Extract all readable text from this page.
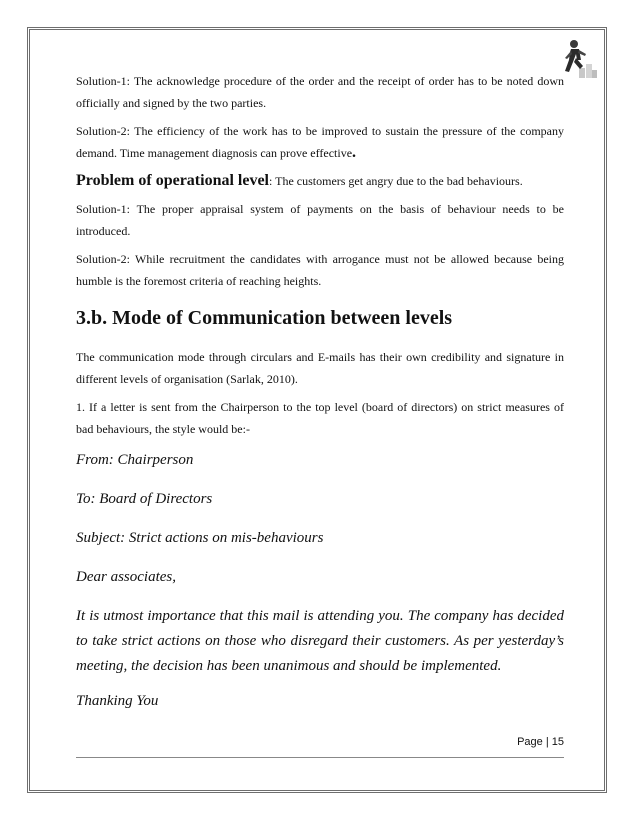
Solution-1: The acknowledge procedure of the order and the receipt of order has to be noted down officially and signed by the two parties.

Solution-2: The efficiency of the work has to be improved to sustain the pressure of the company demand. Time management diagnosis can prove effective.

Problem of operational level: The customers get angry due to the bad behaviours.

Solution-1: The proper appraisal system of payments on the basis of behaviour needs to be introduced.

Solution-2: While recruitment the candidates with arrogance must not be allowed because being humble is the foremost criteria of reaching heights.

3.b. Mode of Communication between levels

The communication mode through circulars and E-mails has their own credibility and signature in different levels of organisation (Sarlak, 2010).

1. If a letter is sent from the Chairperson to the top level (board of directors) on strict measures of bad behaviours, the style would be:-

From: Chairperson

To: Board of Directors

Subject: Strict actions on mis-behaviours

Dear associates,

It is utmost importance that this mail is attending you. The company has decided to take strict actions on those who disregard their customers. As per yesterday’s meeting, the decision has been unanimous and should be implemented.

Thanking You

Page | 15
